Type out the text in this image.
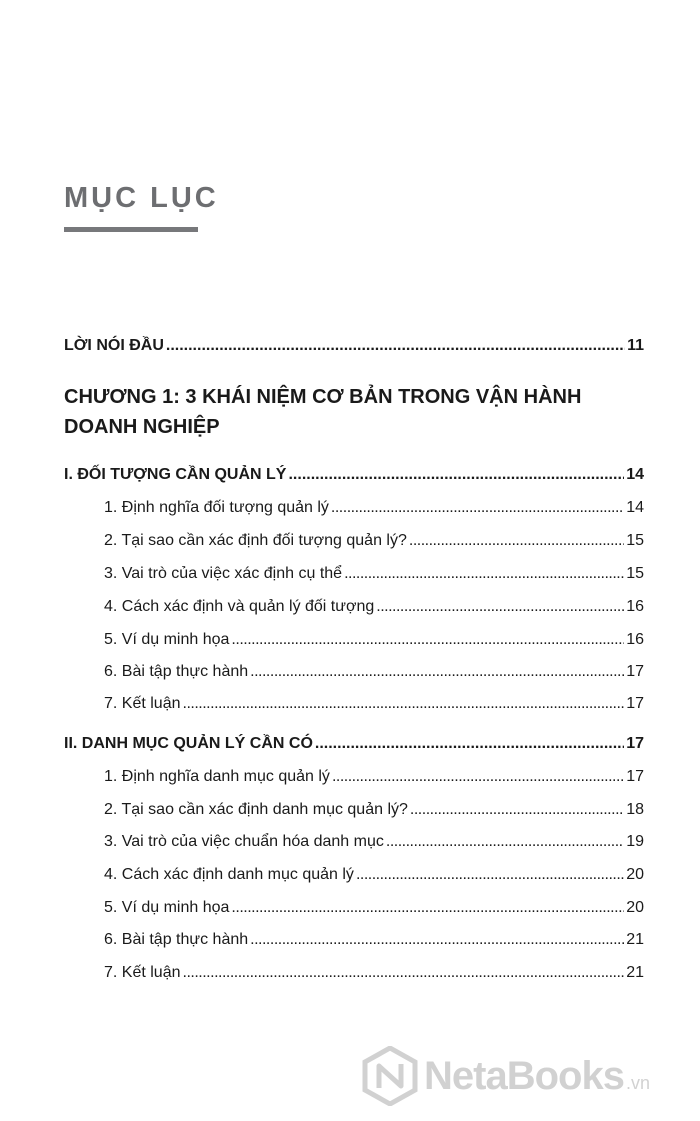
MỤC LỤC
LỜI NÓI ĐẦU .....	11
CHƯƠNG 1: 3 KHÁI NIỆM CƠ BẢN TRONG VẬN HÀNH
DOANH NGHIỆP
I. ĐỐI TƯỢNG CẦN QUẢN LÝ .....	14
1. Định nghĩa đối tượng quản lý .....	14
2. Tại sao cần xác định đối tượng quản lý? .....	15
3. Vai trò của việc xác định cụ thể .....	15
4. Cách xác định và quản lý đối tượng .....	16
5. Ví dụ minh họa .....	16
6. Bài tập thực hành .....	17
7. Kết luận .....	17
II. DANH MỤC QUẢN LÝ CẦN CÓ .....	17
1. Định nghĩa danh mục quản lý .....	17
2. Tại sao cần xác định danh mục quản lý? .....	18
3. Vai trò của việc chuẩn hóa danh mục .....	19
4. Cách xác định danh mục quản lý .....	20
5. Ví dụ minh họa .....	20
6. Bài tập thực hành .....	21
7. Kết luận .....	21
NetaBooks .vn
